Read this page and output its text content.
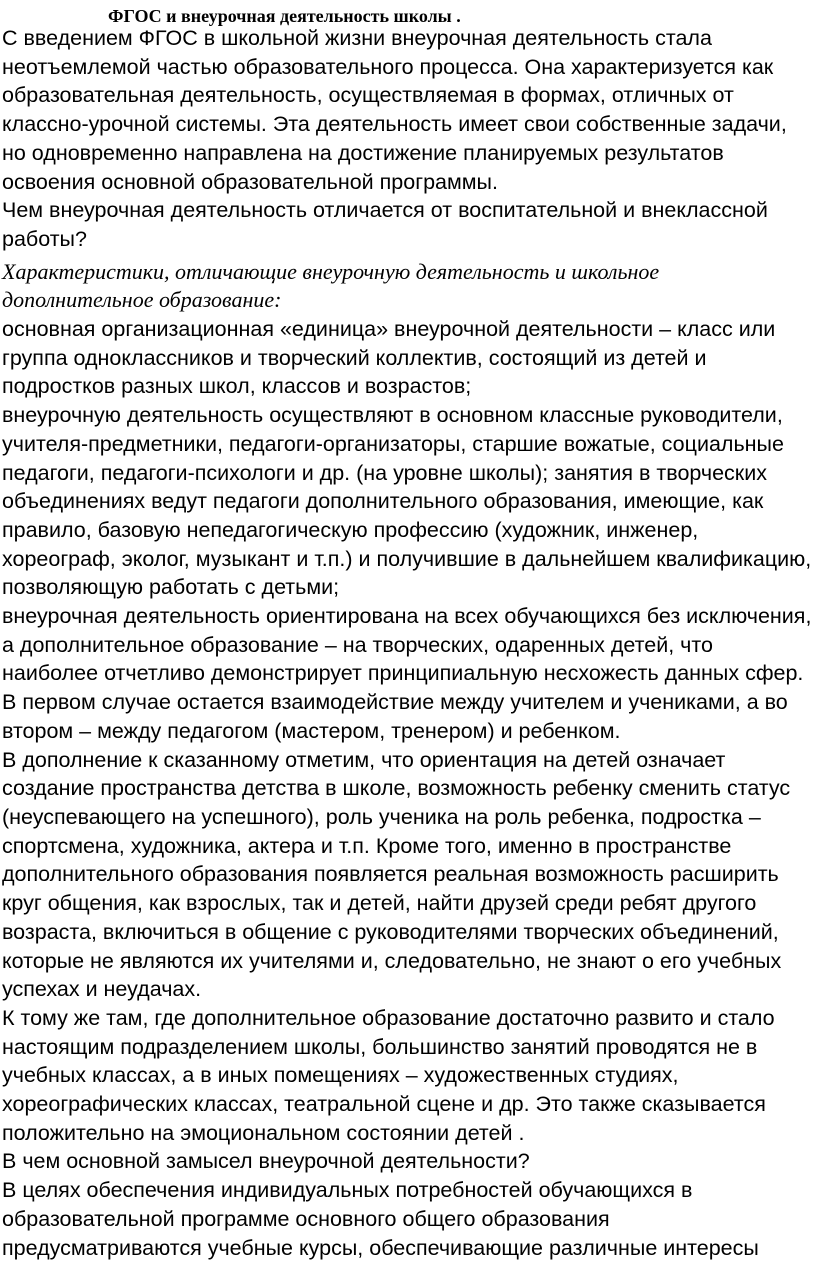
ФГОС и внеурочная деятельность школы .

С введением ФГОС в школьной жизни внеурочная деятельность стала неотъемлемой частью образовательного процесса. Она характеризуется как образовательная деятельность, осуществляемая в формах, отличных от классно-урочной системы. Эта деятельность имеет свои собственные задачи, но одновременно направлена на достижение планируемых результатов освоения основной образовательной программы.

Чем внеурочная деятельность отличается от воспитательной и внеклассной работы?

Характеристики, отличающие внеурочную деятельность и школьное дополнительное образование:

основная организационная «единица» внеурочной деятельности – класс или группа одноклассников и творческий коллектив, состоящий из детей и подростков разных школ, классов и возрастов;

внеурочную деятельность осуществляют в основном классные руководители, учителя-предметники, педагоги-организаторы, старшие вожатые, социальные педагоги, педагоги-психологи и др. (на уровне школы); занятия в творческих объединениях ведут педагоги дополнительного образования, имеющие, как правило, базовую непедагогическую профессию (художник, инженер, хореограф, эколог, музыкант и т.п.) и получившие в дальнейшем квалификацию, позволяющую работать с детьми;

внеурочная деятельность ориентирована на всех обучающихся без исключения, а дополнительное образование – на творческих, одаренных детей, что наиболее отчетливо демонстрирует принципиальную несхожесть данных сфер. В первом случае остается взаимодействие между учителем и учениками, а во втором – между педагогом (мастером, тренером) и ребенком.

В дополнение к сказанному отметим, что ориентация на детей означает создание пространства детства в школе, возможность ребенку сменить статус (неуспевающего на успешного), роль ученика на роль ребенка, подростка – спортсмена, художника, актера и т.п. Кроме того, именно в пространстве дополнительного образования появляется реальная возможность расширить круг общения, как взрослых, так и детей, найти друзей среди ребят другого возраста, включиться в общение с руководителями творческих объединений, которые не являются их учителями и, следовательно, не знают о его учебных успехах и неудачах.

К тому же там, где дополнительное образование достаточно развито и стало настоящим подразделением школы, большинство занятий проводятся не в учебных классах, а в иных помещениях – художественных студиях, хореографических классах, театральной сцене и др. Это также сказывается положительно на эмоциональном состоянии детей .

В чем основной замысел внеурочной деятельности?

В целях обеспечения индивидуальных потребностей обучающихся в образовательной программе основного общего образования предусматриваются учебные курсы, обеспечивающие различные интересы
